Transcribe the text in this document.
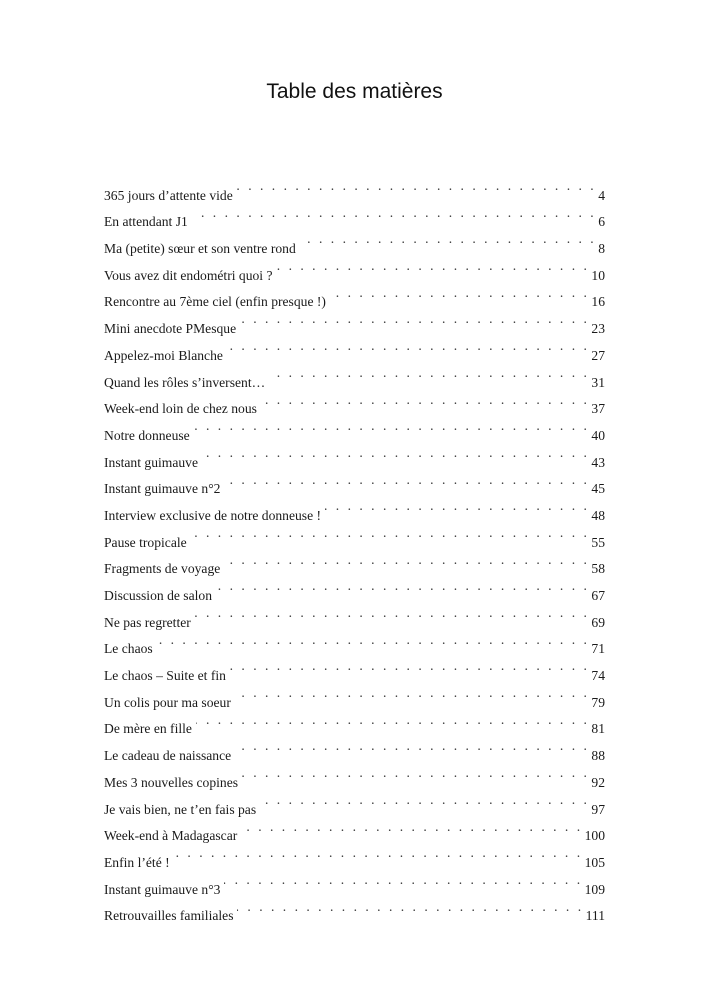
Table des matières
365 jours d’attente vide . . .	4
En attendant J1 . . .	6
Ma (petite) sœur et son ventre rond . . .	8
Vous avez dit endométri quoi ? . . .	10
Rencontre au 7ème ciel (enfin presque !) . . .	16
Mini anecdote PMesque . . .	23
Appelez-moi Blanche . . .	27
Quand les rôles s’inversent… . . .	31
Week-end loin de chez nous . . .	37
Notre donneuse . . .	40
Instant guimauve . . .	43
Instant guimauve n°2 . . .	45
Interview exclusive de notre donneuse ! . . .	48
Pause tropicale . . .	55
Fragments de voyage . . .	58
Discussion de salon . . .	67
Ne pas regretter . . .	69
Le chaos . . .	71
Le chaos – Suite et fin . . .	74
Un colis pour ma soeur . . .	79
De mère en fille . . .	81
Le cadeau de naissance . . .	88
Mes 3 nouvelles copines . . .	92
Je vais bien, ne t’en fais pas . . .	97
Week-end à Madagascar . . .	100
Enfin l’été ! . . .	105
Instant guimauve n°3 . . .	109
Retrouvailles familiales . . .	111
